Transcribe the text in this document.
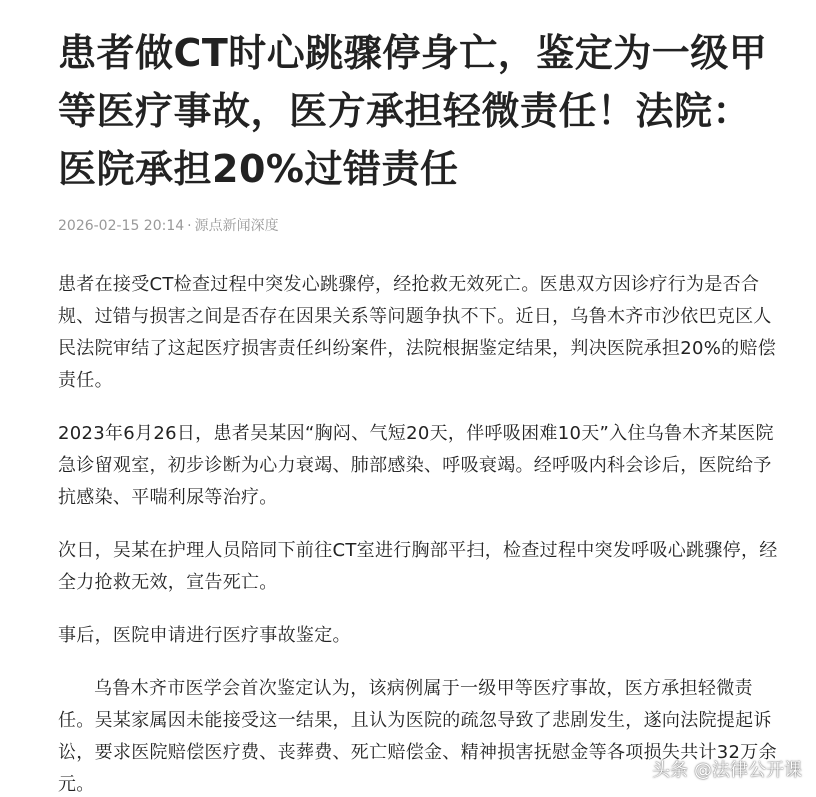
患者做CT时心跳骤停身亡，鉴定为一级甲等医疗事故，医方承担轻微责任！法院：医院承担20%过错责任
2026-02-15 20:14 · 源点新闻深度

患者在接受CT检查过程中突发心跳骤停，经抢救无效死亡。医患双方因诊疗行为是否合规、过错与损害之间是否存在因果关系等问题争执不下。近日，乌鲁木齐市沙依巴克区人民法院审结了这起医疗损害责任纠纷案件，法院根据鉴定结果，判决医院承担20%的赔偿责任。

2023年6月26日，患者吴某因“胸闷、气短20天，伴呼吸困难10天”入住乌鲁木齐某医院急诊留观室，初步诊断为心力衰竭、肺部感染、呼吸衰竭。经呼吸内科会诊后，医院给予抗感染、平喘利尿等治疗。

次日，吴某在护理人员陪同下前往CT室进行胸部平扫，检查过程中突发呼吸心跳骤停，经全力抢救无效，宣告死亡。

事后，医院申请进行医疗事故鉴定。

乌鲁木齐市医学会首次鉴定认为，该病例属于一级甲等医疗事故，医方承担轻微责任。吴某家属因未能接受这一结果，且认为医院的疏忽导致了悲剧发生，遂向法院提起诉讼，要求医院赔偿医疗费、丧葬费、死亡赔偿金、精神损害抚慰金等各项损失共计32万余元。

头条 @法律公开课
